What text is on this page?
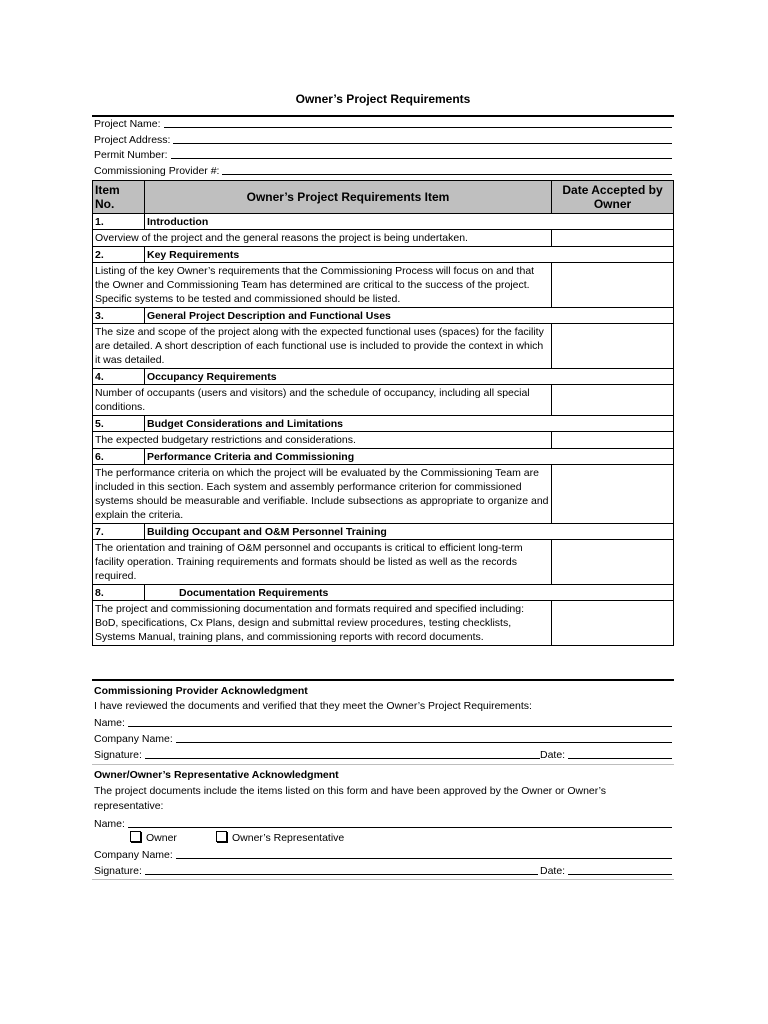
Owner’s Project Requirements
Project Name:
Project Address:
Permit Number:
Commissioning Provider #:
Item No.	Owner’s Project Requirements Item	Date Accepted by Owner
1.	Introduction	
Overview of the project and the general reasons the project is being undertaken.		
2.	Key Requirements	
Listing of the key Owner’s requirements that the Commissioning Process will focus on and that the Owner and Commissioning Team has determined are critical to the success of the project. Specific systems to be tested and commissioned should be listed.		
3.	General Project Description and Functional Uses	
The size and scope of the project along with the expected functional uses (spaces) for the facility are detailed. A short description of each functional use is included to provide the context in which it was detailed.		
4.	Occupancy Requirements	
Number of occupants (users and visitors) and the schedule of occupancy, including all special conditions.		
5.	Budget Considerations and Limitations	
The expected budgetary restrictions and considerations.		
6.	Performance Criteria and Commissioning	
The performance criteria on which the project will be evaluated by the Commissioning Team are included in this section. Each system and assembly performance criterion for commissioned systems should be measurable and verifiable. Include subsections as appropriate to organize and explain the criteria.		
7.	Building Occupant and O&M Personnel Training	
The orientation and training of O&M personnel and occupants is critical to efficient long-term facility operation. Training requirements and formats should be listed as well as the records required.		
8.	Documentation Requirements	
The project and commissioning documentation and formats required and specified including: BoD, specifications, Cx Plans, design and submittal review procedures, testing checklists, Systems Manual, training plans, and commissioning reports with record documents.		
Commissioning Provider Acknowledgment
I have reviewed the documents and verified that they meet the Owner’s Project Requirements:
Name:
Company Name:
Signature:	Date:
Owner/Owner’s Representative Acknowledgment
The project documents include the items listed on this form and have been approved by the Owner or Owner’s representative:
Name:
Owner	Owner’s Representative
Company Name:
Signature:	Date:
